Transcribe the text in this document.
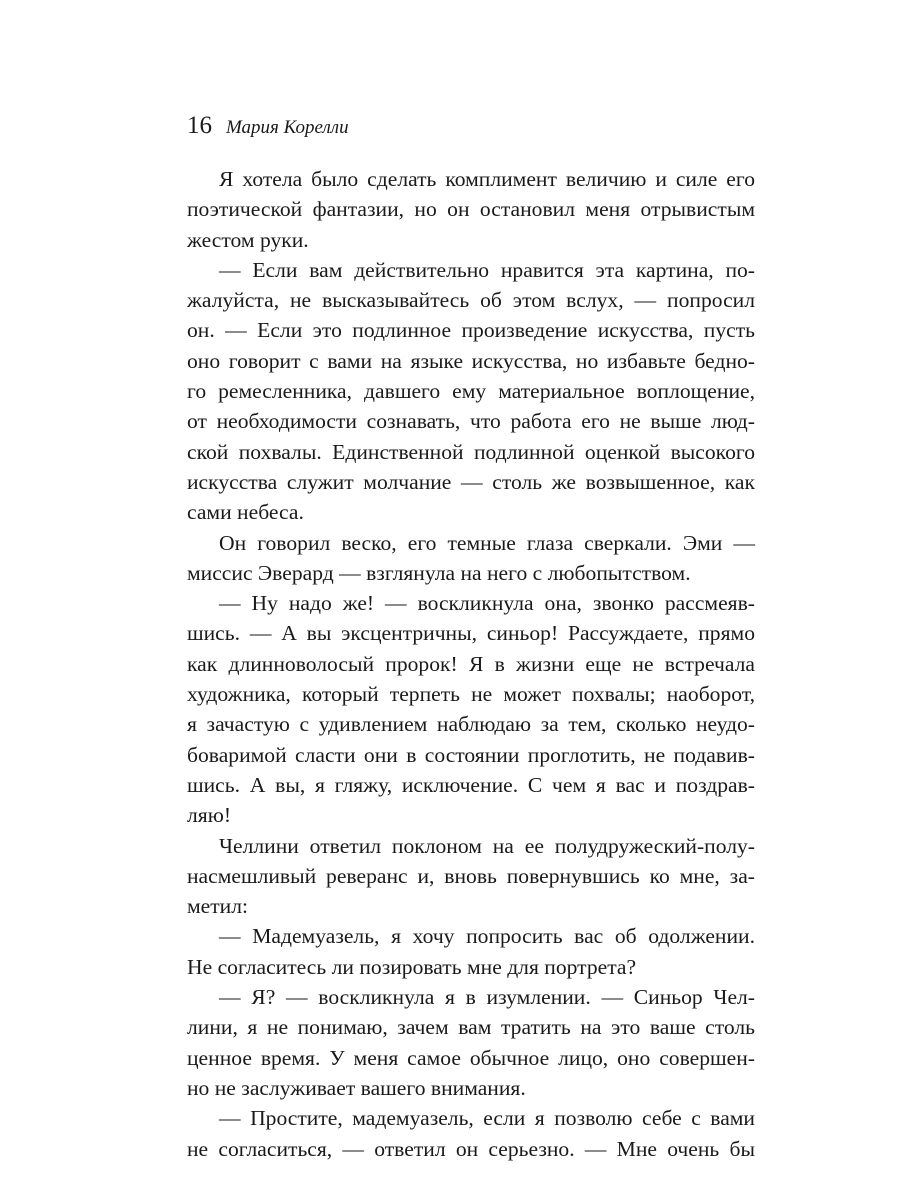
16 Мария Корелли
Я хотела было сделать комплимент величию и силе его
поэтической фантазии, но он остановил меня отрывистым
жестом руки.
— Если вам действительно нравится эта картина, по-
жалуйста, не высказывайтесь об этом вслух, — попросил
он. — Если это подлинное произведение искусства, пусть
оно говорит с вами на языке искусства, но избавьте бедно-
го ремесленника, давшего ему материальное воплощение,
от необходимости сознавать, что работа его не выше люд-
ской похвалы. Единственной подлинной оценкой высокого
искусства служит молчание — столь же возвышенное, как
сами небеса.
Он говорил веско, его темные глаза сверкали. Эми —
миссис Эверард — взглянула на него с любопытством.
— Ну надо же! — воскликнула она, звонко рассмеяв-
шись. — А вы эксцентричны, синьор! Рассуждаете, прямо
как длинноволосый пророк! Я в жизни еще не встречала
художника, который терпеть не может похвалы; наоборот,
я зачастую с удивлением наблюдаю за тем, сколько неудо-
боваримой сласти они в состоянии проглотить, не подавив-
шись. А вы, я гляжу, исключение. С чем я вас и поздрав-
ляю!
Челлини ответил поклоном на ее полудружеский-полу-
насмешливый реверанс и, вновь повернувшись ко мне, за-
метил:
— Мадемуазель, я хочу попросить вас об одолжении.
Не согласитесь ли позировать мне для портрета?
— Я? — воскликнула я в изумлении. — Синьор Чел-
лини, я не понимаю, зачем вам тратить на это ваше столь
ценное время. У меня самое обычное лицо, оно совершен-
но не заслуживает вашего внимания.
— Простите, мадемуазель, если я позволю себе с вами
не согласиться, — ответил он серьезно. — Мне очень бы
